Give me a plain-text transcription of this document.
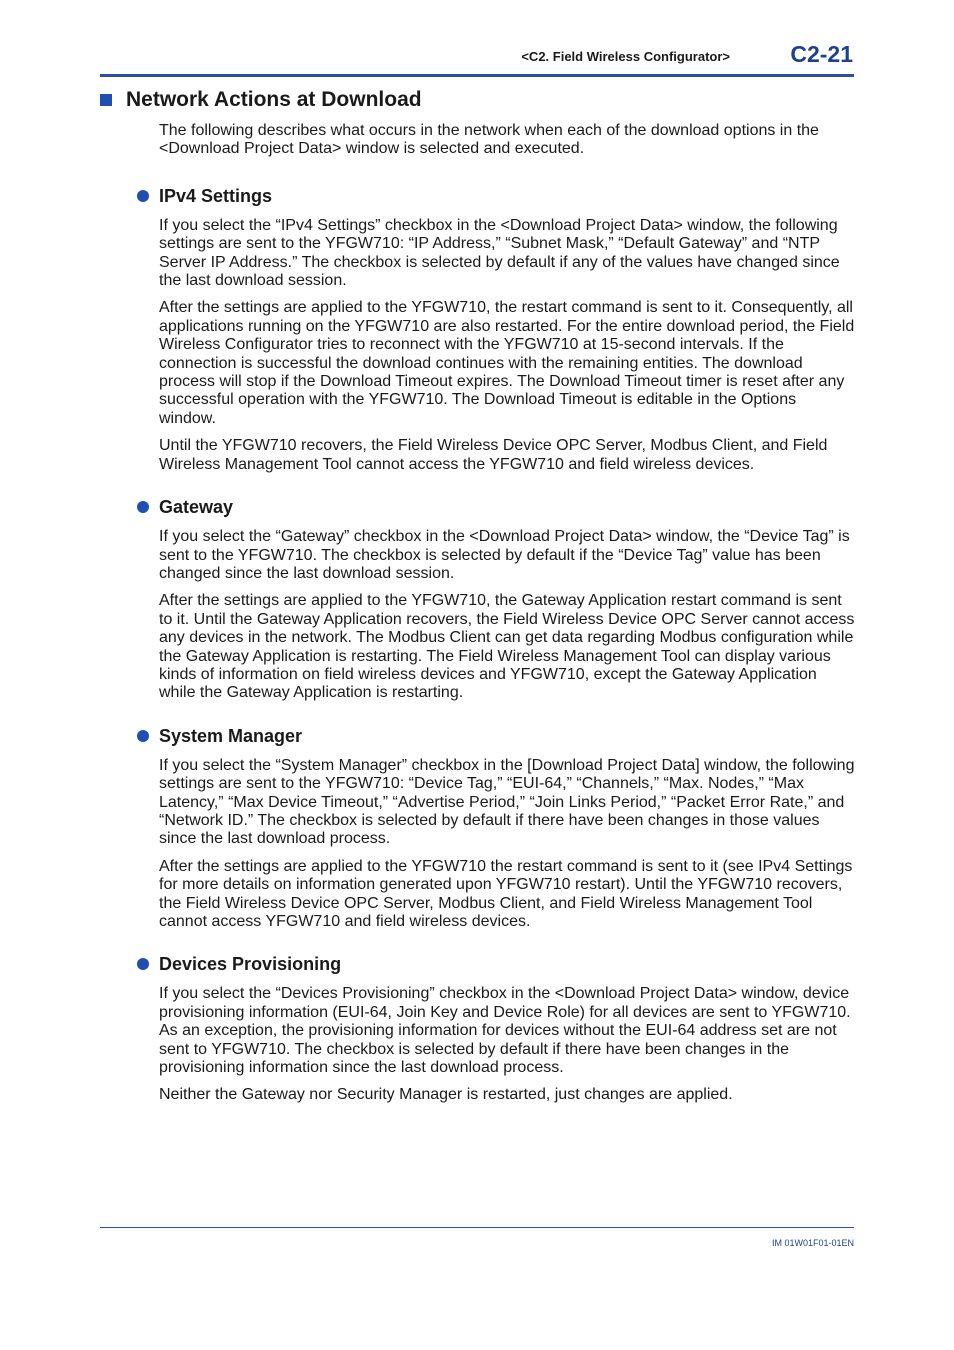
<C2. Field Wireless Configurator>	C2-21
Network Actions at Download

The following describes what occurs in the network when each of the download options in the <Download Project Data> window is selected and executed.

IPv4 Settings

If you select the “IPv4 Settings” checkbox in the <Download Project Data> window, the following settings are sent to the YFGW710: “IP Address,” “Subnet Mask,” “Default Gateway” and “NTP Server IP Address.” The checkbox is selected by default if any of the values have changed since the last download session.

After the settings are applied to the YFGW710, the restart command is sent to it. Consequently, all applications running on the YFGW710 are also restarted. For the entire download period, the Field Wireless Configurator tries to reconnect with the YFGW710 at 15-second intervals. If the connection is successful the download continues with the remaining entities. The download process will stop if the Download Timeout expires. The Download Timeout timer is reset after any successful operation with the YFGW710. The Download Timeout is editable in the Options window.

Until the YFGW710 recovers, the Field Wireless Device OPC Server, Modbus Client, and Field Wireless Management Tool cannot access the YFGW710 and field wireless devices.

Gateway

If you select the “Gateway” checkbox in the <Download Project Data> window, the “Device Tag” is sent to the YFGW710. The checkbox is selected by default if the “Device Tag” value has been changed since the last download session.

After the settings are applied to the YFGW710, the Gateway Application restart command is sent to it. Until the Gateway Application recovers, the Field Wireless Device OPC Server cannot access any devices in the network. The Modbus Client can get data regarding Modbus configuration while the Gateway Application is restarting. The Field Wireless Management Tool can display various kinds of information on field wireless devices and YFGW710, except the Gateway Application while the Gateway Application is restarting.

System Manager

If you select the “System Manager” checkbox in the [Download Project Data] window, the following settings are sent to the YFGW710: “Device Tag,” “EUI-64,” “Channels,” “Max. Nodes,” “Max Latency,” “Max Device Timeout,” “Advertise Period,” “Join Links Period,” “Packet Error Rate,” and “Network ID.” The checkbox is selected by default if there have been changes in those values since the last download process.

After the settings are applied to the YFGW710 the restart command is sent to it (see IPv4 Settings for more details on information generated upon YFGW710 restart). Until the YFGW710 recovers, the Field Wireless Device OPC Server, Modbus Client, and Field Wireless Management Tool cannot access YFGW710 and field wireless devices.

Devices Provisioning

If you select the “Devices Provisioning” checkbox in the <Download Project Data> window, device provisioning information (EUI-64, Join Key and Device Role) for all devices are sent to YFGW710. As an exception, the provisioning information for devices without the EUI-64 address set are not sent to YFGW710. The checkbox is selected by default if there have been changes in the provisioning information since the last download process.

Neither the Gateway nor Security Manager is restarted, just changes are applied.

IM 01W01F01-01EN
